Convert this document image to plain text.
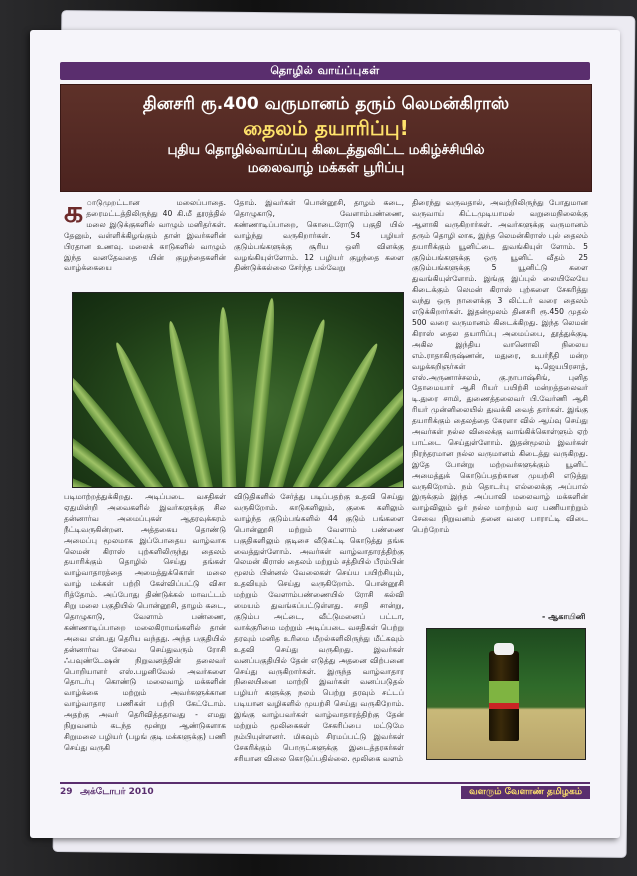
தொழில் வாய்ப்புகள்
தினசரி ரூ.400 வருமானம் தரும் லெமன்கிராஸ்
தைலம் தயாரிப்பு!
புதிய தொழில்வாய்ப்பு கிடைத்துவிட்ட மகிழ்ச்சியில்
மலைவாழ் மக்கள் பூரிப்பு
க ாடுமுறட்டான மலைப்பாதை. தரைமட்டத்திலிருந்து 40 கி.மீ தூரத்தில் மலை இடுக்குகளில் வாழும் மனிதர்கள். தேனும், வள்ளிக்கிழங்கும் தான் இவர்களின் பிரதான உணவு. மலைக் காடுகளில் வாழும் இந்த வனதேவதை யின் குழந்தைகளின் வாழ்க்கையை
தோம். இவர்கள் பொன்னூசி, தாழம் கடை, தொழுகாடு, வேளாம்பண்ணை, கண்ணாடிப்பாறை, கொடைரோடு பகுதி யில் வாழ்ந்து வருகிறார்கள். 54 பழியர் குடும்பங்களுக்கு சூரிய ஒளி விளக்கு வழங்கியுள்ளோம். 12 பழியர் குழந்தை களை திண்டுக்கல்லை சேர்ந்த பல்வேறு
திரைந்து வருவதால், அவற்றிலிருந்து போதுமான வருவாய் கிட்டமுடியாமல் வறுமைநிலைக்கு ஆளாகி வருகிறார்கள். அவர்களுக்கு வருமானம் தரும் தொழி லாக, இந்த லெமன்கிராஸ் புல் தைலம் தயாரிக்கும் யூனிட்டை துவங்கியுள் ளோம். 5 குடும்பங்களுக்கு ஒரு யூனிட் வீதம் 25 குடும்பங்களுக்கு 5 யூனிட்டு களை துவங்கியுள்ளோம். இங்கு இப்புல் லையிலேயே கிடைக்கும் லெமன் கிராஸ் புற்களை சேகரித்து வந்து ஒரு நாளைக்கு 3 லிட்டர் வரை தைலம் எடுக்கிறார்கள். இதன்மூலம் தினசரி ரூ.450 முதல் 500 வரை வருமானம் கிடைக்கிறது. இந்த லெமன் கிராஸ் தைல தயாரிப்பு அமைப்பை, தூத்துக்குடி அகில இந்திய வானொலி நிலைய எம்.ராதாகிருஷ்ணன், மதுரை, உயர்நீதி மன்ற வழக்கறிஞர்கள் டி.ஜெயபிரசாத், எஸ்.அருணாச்சலம், கு.நாபாஷ்சிங், புனித தோமையார் ஆசி ரியர் பயிற்சி மன்றத்தலைவர் டி.துரை சாமி, துணைத்தலைவர் பி.வேர்ணி ஆசி ரியர் முன்னிலையில் துவக்கி வைத் தார்கள். இங்கு தயாரிக்கும் தைலத்தை கேரளா வில் ஆய்வு செய்து அவர்கள் நல்ல விலைக்கு வாங்கிக்கொள்ளும் ஏற் பாட்டை செய்துள்ளோம். இதன்மூலம் இவர்கள் நிரந்தரமான நல்ல வருமானம் கிடைத்து வருகிறது. இதே போன்று மற்றவர்களுக்கும் யூனிட் அமைத்துக் கொடுப்பதற்கான முயற்சி எடுத்து வருகிறோம். நம் தொடர்பு எல்லைக்கு அப்பால் இருக்கும் இந்த அப்பாவி மலைவாழ் மக்களின் வாழ்விலும் ஓர் நல்ல மாற்றம் வர பணியாற்றும் சேவை நிறுவனம் தனை வரை பாராட்டி விடை பெற்றோம்
- ஆகாயினி
படிமாற்றத்துக்கிறது. அடிப்படை வசதிகள் ஏதுமின்றி அவைகளில் இவர்களுக்கு சில தன்னார்வ அமைப்புகள் ஆதரவுக்கரம் நீட்டிவருகின்றன. அத்தகைய தொண்டு அமைப்பு மூலமாக இப்போதைய வாழ்வாக லெமன் கிராஸ் புற்களிலிருந்து தைலம் தயாரிக்கும் தொழில் செய்து தங்கள் வாழ்வாதாரத்தை அமைத்துக்கொள் மலை வாழ் மக்கள் பற்றி கேள்விப்பட்டு விசா ரித்தோம். அப்போது திண்டுக்கல் மாவட்டம் சிறு மலை பகுதியில் பொன்னூசி, தாழம் கடை, தொழுகாடு, வேளாம் பண்ணை, கண்ணாடிப்பாறை மலைகிராமங்களில் தான் அவை என்பது தெரிய வந்தது. அந்த பகுதியில் தன்னார்வ சேவை செய்துவரும் ரோசி ஃபவுண்டேஷன் நிறுவனத்தின் தலைவர் பொறியாளர் எஸ்.பழனிவேல் அவர்களை தொடர்பு கொண்டு மலைவாழ் மக்களின் வாழ்க்கை மற்றும் அவர்களுக்கான வாழ்வாதார பணிகள் பற்றி கேட்டோம். அதற்கு அவர் தெரிவித்ததாவது - எமது நிறுவனம் கடந்த மூன்று ஆண்டுகளாக சிறுமலை பழியர் (பழங் குடி மக்களுக்கு) பணி செய்து வருகி
விடுதிகளில் சேர்த்து படிப்பதற்கு உதவி செய்து வருகிறோம். காடுகளிலும், குகை களிலும் வாழ்ந்த குடும்பங்களில் 44 குடும் பங்களை பொன்னூசி மற்றும் வேளாம் பண்ணை பகுதிகளிலும் குடிசை வீடுகட்டி கொடுத்து தங்க வைத்துள்ளோம். அவர்கள் வாழ்வாதாரத்திற்கு லெமன் கிராஸ் தைலம் மற்றும் சத்தியில் பீரம்பின் மூலம் பின்னல் வேலைகள் செய்ய பயிற்சியும், உதவியும் செய்து வருகிறோம். பொன்னூசி மற்றும் வேளாம்பண்ணையில் ரோசி கல்வி மையம் துவங்கப்பட்டுள்ளது. சாதி சான்று, குடும்ப அட்டை, வீட்டுமனைப் பட்டா, வாக்குரிமை மற்றும் அடிப்படை வசதிகள் பெற்று தரவும் மனித உரிமை மீறல்களிலிருந்து மீட்கவும் உதவி செய்து வருகிறது. இவர்கள் வனப்பகுதியில் தேன் எடுத்து அதனை விற்பனை செய்து வருகிறார்கள். இருந்த வாழ்வாதார நிலையினை மாற்றி இவர்கள் வனப்படுதல் பழியர் களுக்கு நலம் பெற்று தரவும் சட்டப் படியான வழிகளில் முயற்சி செய்து வருகிறோம். இங்கு வாழ்பவர்கள் வாழ்வாதாரத்திற்கு தேன் மற்றும் மூலிகைகள் சேகரிப்பை மட்டுமே நம்பியுள்ளனர். மிகவும் சிரமப்பட்டு இவர்கள் சேகரிக்கும் பொருட்களுக்கு இடைத்தரகர்கள் சரியான விலை கொடுப்பதில்லை. மூலிகை வளம்
29 அக்டோபர் 2010	வளரும் வேளாண் தமிழகம்
